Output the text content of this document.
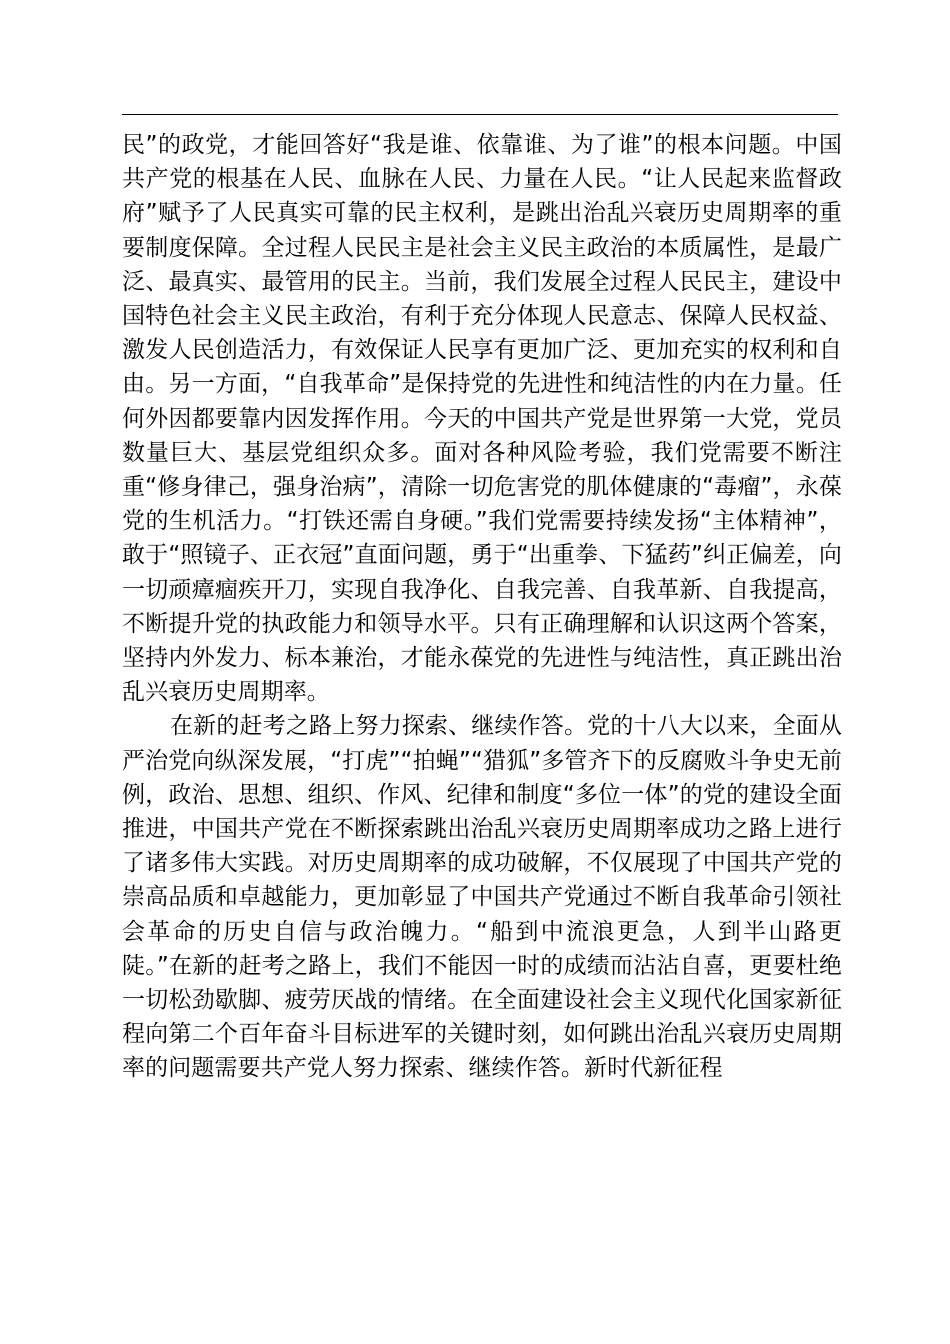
民”的政党，才能回答好“我是谁、依靠谁、为了谁”的根本问题。中国共产党的根基在人民、血脉在人民、力量在人民。“让人民起来监督政府”赋予了人民真实可靠的民主权利，是跳出治乱兴衰历史周期率的重要制度保障。全过程人民民主是社会主义民主政治的本质属性，是最广泛、最真实、最管用的民主。当前，我们发展全过程人民民主，建设中国特色社会主义民主政治，有利于充分体现人民意志、保障人民权益、激发人民创造活力，有效保证人民享有更加广泛、更加充实的权利和自由。另一方面，“自我革命”是保持党的先进性和纯洁性的内在力量。任何外因都要靠内因发挥作用。今天的中国共产党是世界第一大党，党员数量巨大、基层党组织众多。面对各种风险考验，我们党需要不断注重“修身律己，强身治病”，清除一切危害党的肌体健康的“毒瘤”，永葆党的生机活力。“打铁还需自身硬。”我们党需要持续发扬“主体精神”，敢于“照镜子、正衣冠”直面问题，勇于“出重拳、下猛药”纠正偏差，向一切顽瘴痼疾开刀，实现自我净化、自我完善、自我革新、自我提高，不断提升党的执政能力和领导水平。只有正确理解和认识这两个答案，坚持内外发力、标本兼治，才能永葆党的先进性与纯洁性，真正跳出治乱兴衰历史周期率。

在新的赶考之路上努力探索、继续作答。党的十八大以来，全面从严治党向纵深发展，“打虎”“拍蝇”“猎狐”多管齐下的反腐败斗争史无前例，政治、思想、组织、作风、纪律和制度“多位一体”的党的建设全面推进，中国共产党在不断探索跳出治乱兴衰历史周期率成功之路上进行了诸多伟大实践。对历史周期率的成功破解，不仅展现了中国共产党的崇高品质和卓越能力，更加彰显了中国共产党通过不断自我革命引领社会革命的历史自信与政治魄力。“船到中流浪更急，人到半山路更陡。”在新的赶考之路上，我们不能因一时的成绩而沾沾自喜，更要杜绝一切松劲歇脚、疲劳厌战的情绪。在全面建设社会主义现代化国家新征程向第二个百年奋斗目标进军的关键时刻，如何跳出治乱兴衰历史周期率的问题需要共产党人努力探索、继续作答。新时代新征程
